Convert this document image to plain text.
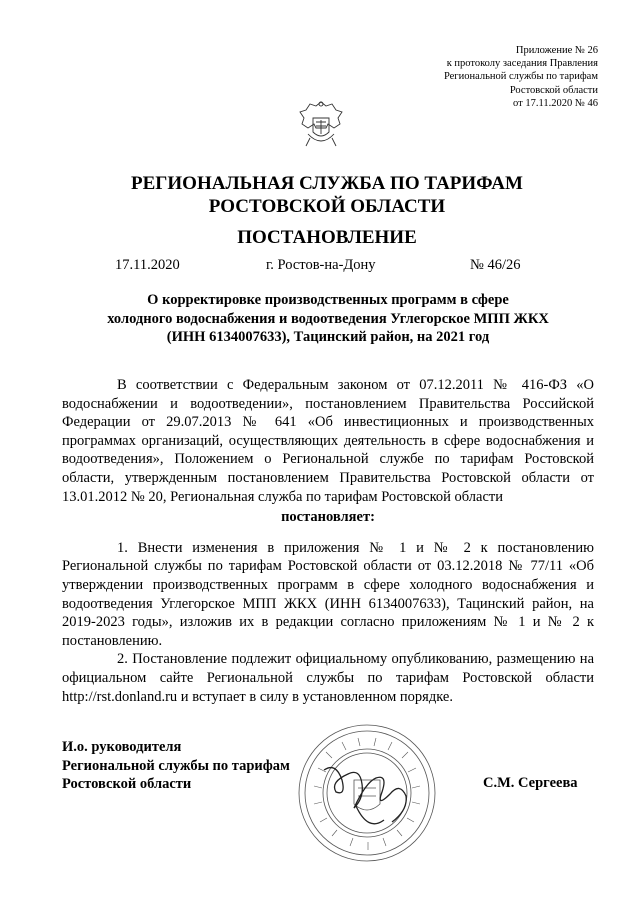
Приложение № 26
к протоколу заседания Правления
Региональной службы по тарифам
Ростовской области
от 17.11.2020 № 46
РЕГИОНАЛЬНАЯ СЛУЖБА ПО ТАРИФАМ
РОСТОВСКОЙ ОБЛАСТИ
ПОСТАНОВЛЕНИЕ
17.11.2020	г. Ростов-на-Дону	№ 46/26
О корректировке производственных программ в сфере
холодного водоснабжения и водоотведения Углегорское МПП ЖКХ
(ИНН 6134007633), Тацинский район, на 2021 год

В соответствии с Федеральным законом от 07.12.2011 № 416-ФЗ «О водоснабжении и водоотведении», постановлением Правительства Российской Федерации от 29.07.2013 № 641 «Об инвестиционных и производственных программах организаций, осуществляющих деятельность в сфере водоснабжения и водоотведения», Положением о Региональной службе по тарифам Ростовской области, утвержденным постановлением Правительства Ростовской области от 13.01.2012 № 20, Региональная служба по тарифам Ростовской области

постановляет:

1. Внести изменения в приложения № 1 и № 2 к постановлению Региональной службы по тарифам Ростовской области от 03.12.2018 № 77/11 «Об утверждении производственных программ в сфере холодного водоснабжения и водоотведения Углегорское МПП ЖКХ (ИНН 6134007633), Тацинский район, на 2019-2023 годы», изложив их в редакции согласно приложениям № 1 и № 2 к постановлению.

2. Постановление подлежит официальному опубликованию, размещению на официальном сайте Региональной службы по тарифам Ростовской области http://rst.donland.ru и вступает в силу в установленном порядке.

И.о. руководителя
Региональной службы по тарифам
Ростовской области	С.М. Сергеева
